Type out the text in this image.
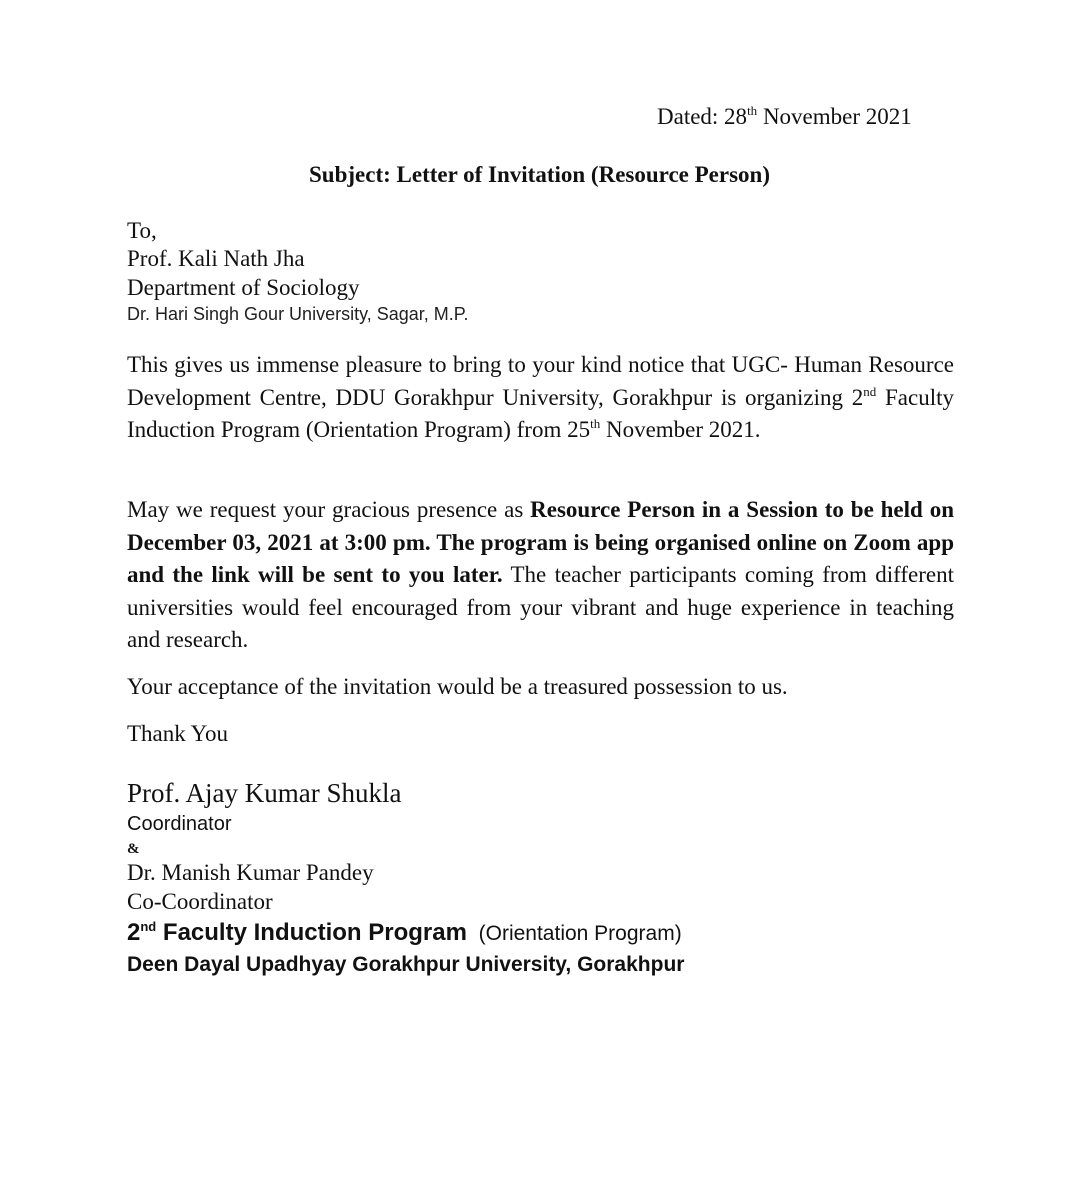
Dated: 28th November 2021
Subject: Letter of Invitation (Resource Person)
To,
Prof. Kali Nath Jha
Department of Sociology
Dr. Hari Singh Gour University, Sagar, M.P.

This gives us immense pleasure to bring to your kind notice that UGC- Human Resource Development Centre, DDU Gorakhpur University, Gorakhpur is organizing 2nd Faculty Induction Program (Orientation Program) from 25th November 2021.

May we request your gracious presence as Resource Person in a Session to be held on December 03, 2021 at 3:00 pm. The program is being organised online on Zoom app and the link will be sent to you later. The teacher participants coming from different universities would feel encouraged from your vibrant and huge experience in teaching and research.

Your acceptance of the invitation would be a treasured possession to us.
Thank You
Prof. Ajay Kumar Shukla
Coordinator
&
Dr. Manish Kumar Pandey
Co-Coordinator
2nd Faculty Induction Program  (Orientation Program)
Deen Dayal Upadhyay Gorakhpur University, Gorakhpur
